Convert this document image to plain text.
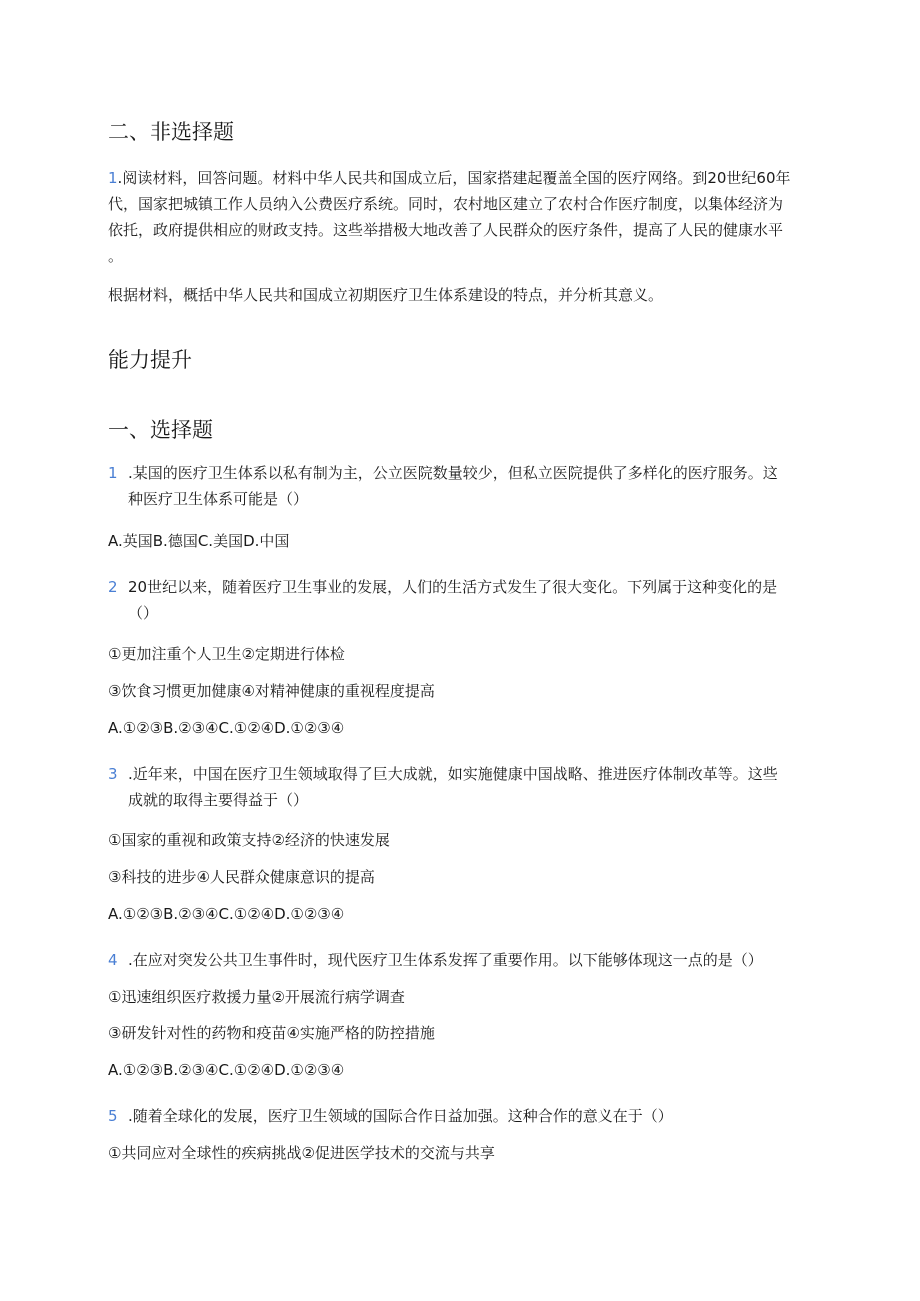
二、非选择题
1.阅读材料，回答问题。材料中华人民共和国成立后，国家搭建起覆盖全国的医疗网络。到20世纪60年
代，国家把城镇工作人员纳入公费医疗系统。同时，农村地区建立了农村合作医疗制度，以集体经济为
依托，政府提供相应的财政支持。这些举措极大地改善了人民群众的医疗条件，提高了人民的健康水平
。
根据材料，概括中华人民共和国成立初期医疗卫生体系建设的特点，并分析其意义。
能力提升
一、选择题
1 .某国的医疗卫生体系以私有制为主，公立医院数量较少，但私立医院提供了多样化的医疗服务。这
种医疗卫生体系可能是（）
A.英国B.德国C.美国D.中国
2 20世纪以来，随着医疗卫生事业的发展，人们的生活方式发生了很大变化。下列属于这种变化的是
（）
①更加注重个人卫生②定期进行体检
③饮食习惯更加健康④对精神健康的重视程度提高
A.①②③B.②③④C.①②④D.①②③④
3 .近年来，中国在医疗卫生领域取得了巨大成就，如实施健康中国战略、推进医疗体制改革等。这些
成就的取得主要得益于（）
①国家的重视和政策支持②经济的快速发展
③科技的进步④人民群众健康意识的提高
A.①②③B.②③④C.①②④D.①②③④
4 .在应对突发公共卫生事件时，现代医疗卫生体系发挥了重要作用。以下能够体现这一点的是（）
①迅速组织医疗救援力量②开展流行病学调查
③研发针对性的药物和疫苗④实施严格的防控措施
A.①②③B.②③④C.①②④D.①②③④
5 .随着全球化的发展，医疗卫生领域的国际合作日益加强。这种合作的意义在于（）
①共同应对全球性的疾病挑战②促进医学技术的交流与共享
